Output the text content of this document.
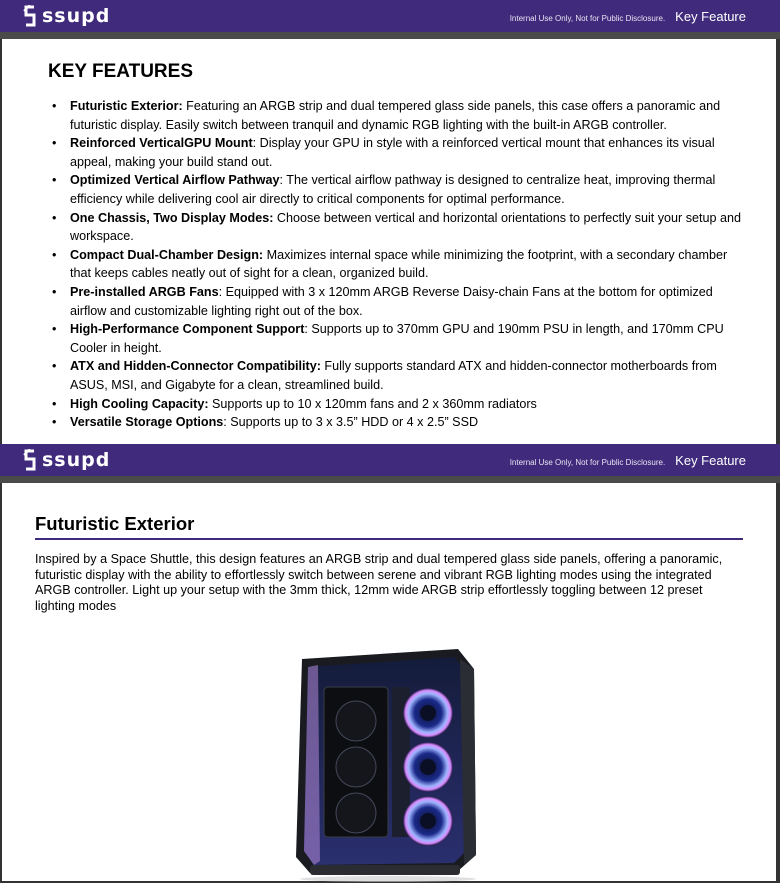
ssupd	Internal Use Only, Not for Public Disclosure. Key Feature
KEY FEATURES
• Futuristic Exterior: Featuring an ARGB strip and dual tempered glass side panels, this case offers a panoramic and futuristic display. Easily switch between tranquil and dynamic RGB lighting with the built-in ARGB controller.
• Reinforced VerticalGPU Mount: Display your GPU in style with a reinforced vertical mount that enhances its visual appeal, making your build stand out.
• Optimized Vertical Airflow Pathway: The vertical airflow pathway is designed to centralize heat, improving thermal efficiency while delivering cool air directly to critical components for optimal performance.
• One Chassis, Two Display Modes: Choose between vertical and horizontal orientations to perfectly suit your setup and workspace.
• Compact Dual-Chamber Design: Maximizes internal space while minimizing the footprint, with a secondary chamber that keeps cables neatly out of sight for a clean, organized build.
• Pre-installed ARGB Fans: Equipped with 3 x 120mm ARGB Reverse Daisy-chain Fans at the bottom for optimized airflow and customizable lighting right out of the box.
• High-Performance Component Support: Supports up to 370mm GPU and 190mm PSU in length, and 170mm CPU Cooler in height.
• ATX and Hidden-Connector Compatibility: Fully supports standard ATX and hidden-connector motherboards from ASUS, MSI, and Gigabyte for a clean, streamlined build.
• High Cooling Capacity: Supports up to 10 x 120mm fans and 2 x 360mm radiators
• Versatile Storage Options: Supports up to 3 x 3.5” HDD or 4 x 2.5” SSD
ssupd	Internal Use Only, Not for Public Disclosure. Key Feature
Futuristic Exterior
Inspired by a Space Shuttle, this design features an ARGB strip and dual tempered glass side panels, offering a panoramic, futuristic display with the ability to effortlessly switch between serene and vibrant RGB lighting modes using the integrated ARGB controller. Light up your setup with the 3mm thick, 12mm wide ARGB strip effortlessly toggling between 12 preset lighting modes
